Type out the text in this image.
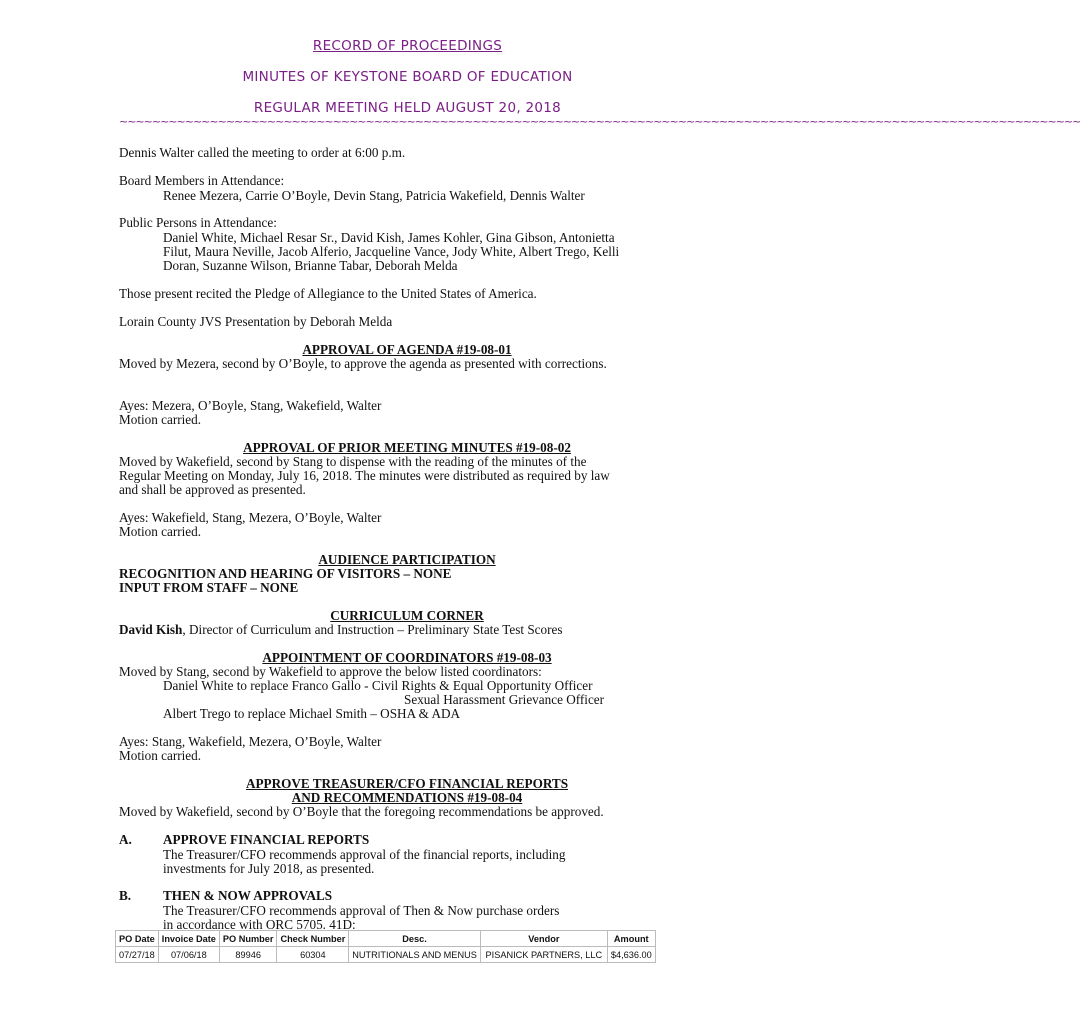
RECORD OF PROCEEDINGS
MINUTES OF KEYSTONE BOARD OF EDUCATION
REGULAR MEETING HELD AUGUST 20, 2018
~~~~~~~~~~~~~~~~~~~~~~~~~~~~~~~~~~~~~~~~~~~~~~~~~~~~~~~~~~~~~~~~~~~~~~~~~~~~~~~~~~~~~~~~~~~~~~~~~~~~~~~~~~~~~~~~~~~~~
Dennis Walter called the meeting to order at 6:00 p.m.
Board Members in Attendance:
Renee Mezera, Carrie O’Boyle, Devin Stang, Patricia Wakefield, Dennis Walter
Public Persons in Attendance:
Daniel White, Michael Resar Sr., David Kish, James Kohler, Gina Gibson, Antonietta
Filut, Maura Neville, Jacob Alferio, Jacqueline Vance, Jody White, Albert Trego, Kelli
Doran, Suzanne Wilson, Brianne Tabar, Deborah Melda
Those present recited the Pledge of Allegiance to the United States of America.
Lorain County JVS Presentation by Deborah Melda
APPROVAL OF AGENDA #19-08-01
Moved by Mezera, second by O’Boyle, to approve the agenda as presented with corrections.
Ayes: Mezera, O’Boyle, Stang, Wakefield, Walter
Motion carried.
APPROVAL OF PRIOR MEETING MINUTES #19-08-02
Moved by Wakefield, second by Stang to dispense with the reading of the minutes of the
Regular Meeting on Monday, July 16, 2018. The minutes were distributed as required by law
and shall be approved as presented.
Ayes: Wakefield, Stang, Mezera, O’Boyle, Walter
Motion carried.
AUDIENCE PARTICIPATION
RECOGNITION AND HEARING OF VISITORS – NONE
INPUT FROM STAFF – NONE
CURRICULUM CORNER
David Kish, Director of Curriculum and Instruction – Preliminary State Test Scores
APPOINTMENT OF COORDINATORS #19-08-03
Moved by Stang, second by Wakefield to approve the below listed coordinators:
Daniel White to replace Franco Gallo - Civil Rights & Equal Opportunity Officer
Sexual Harassment Grievance Officer
Albert Trego to replace Michael Smith – OSHA & ADA
Ayes: Stang, Wakefield, Mezera, O’Boyle, Walter
Motion carried.
APPROVE TREASURER/CFO FINANCIAL REPORTS
AND RECOMMENDATIONS #19-08-04
Moved by Wakefield, second by O’Boyle that the foregoing recommendations be approved.
A. APPROVE FINANCIAL REPORTS
The Treasurer/CFO recommends approval of the financial reports, including
investments for July 2018, as presented.
B. THEN & NOW APPROVALS
The Treasurer/CFO recommends approval of Then & Now purchase orders
in accordance with ORC 5705. 41D:
PO Date	Invoice Date	PO Number	Check Number	Desc.	Vendor	Amount
07/27/18	07/06/18	89946	60304	NUTRITIONALS AND MENUS	PISANICK PARTNERS, LLC	$4,636.00
